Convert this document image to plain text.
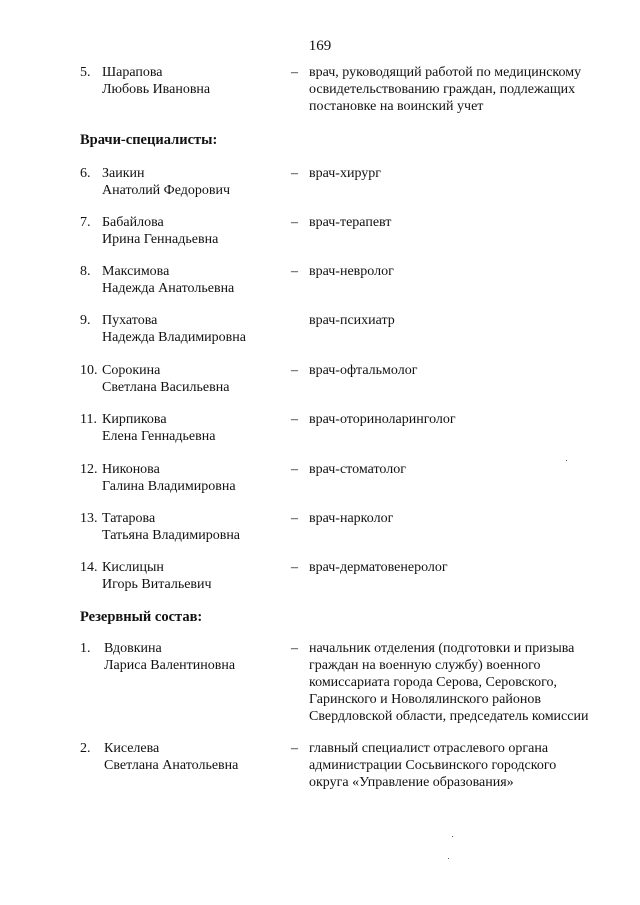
169
5. Шарапова
Любовь Ивановна
– врач, руководящий работой по медицинскому
освидетельствованию граждан, подлежащих
постановке на воинский учет
Врачи-специалисты:
6. Заикин
Анатолий Федорович
– врач-хирург
7. Бабайлова
Ирина Геннадьевна
– врач-терапевт
8. Максимова
Надежда Анатольевна
– врач-невролог
9. Пухатова
Надежда Владимировна
врач-психиатр
10. Сорокина
Светлана Васильевна
– врач-офтальмолог
11. Кирпикова
Елена Геннадьевна
– врач-оториноларинголог
12. Никонова
Галина Владимировна
– врач-стоматолог
13. Татарова
Татьяна Владимировна
– врач-нарколог
14. Кислицын
Игорь Витальевич
– врач-дерматовенеролог
Резервный состав:
1. Вдовкина
Лариса Валентиновна
– начальник отделения (подготовки и призыва
граждан на военную службу) военного
комиссариата города Серова, Серовского,
Гаринского и Новолялинского районов
Свердловской области, председатель комиссии
2. Киселева
Светлана Анатольевна
– главный специалист отраслевого органа
администрации Сосьвинского городского
округа «Управление образования»
